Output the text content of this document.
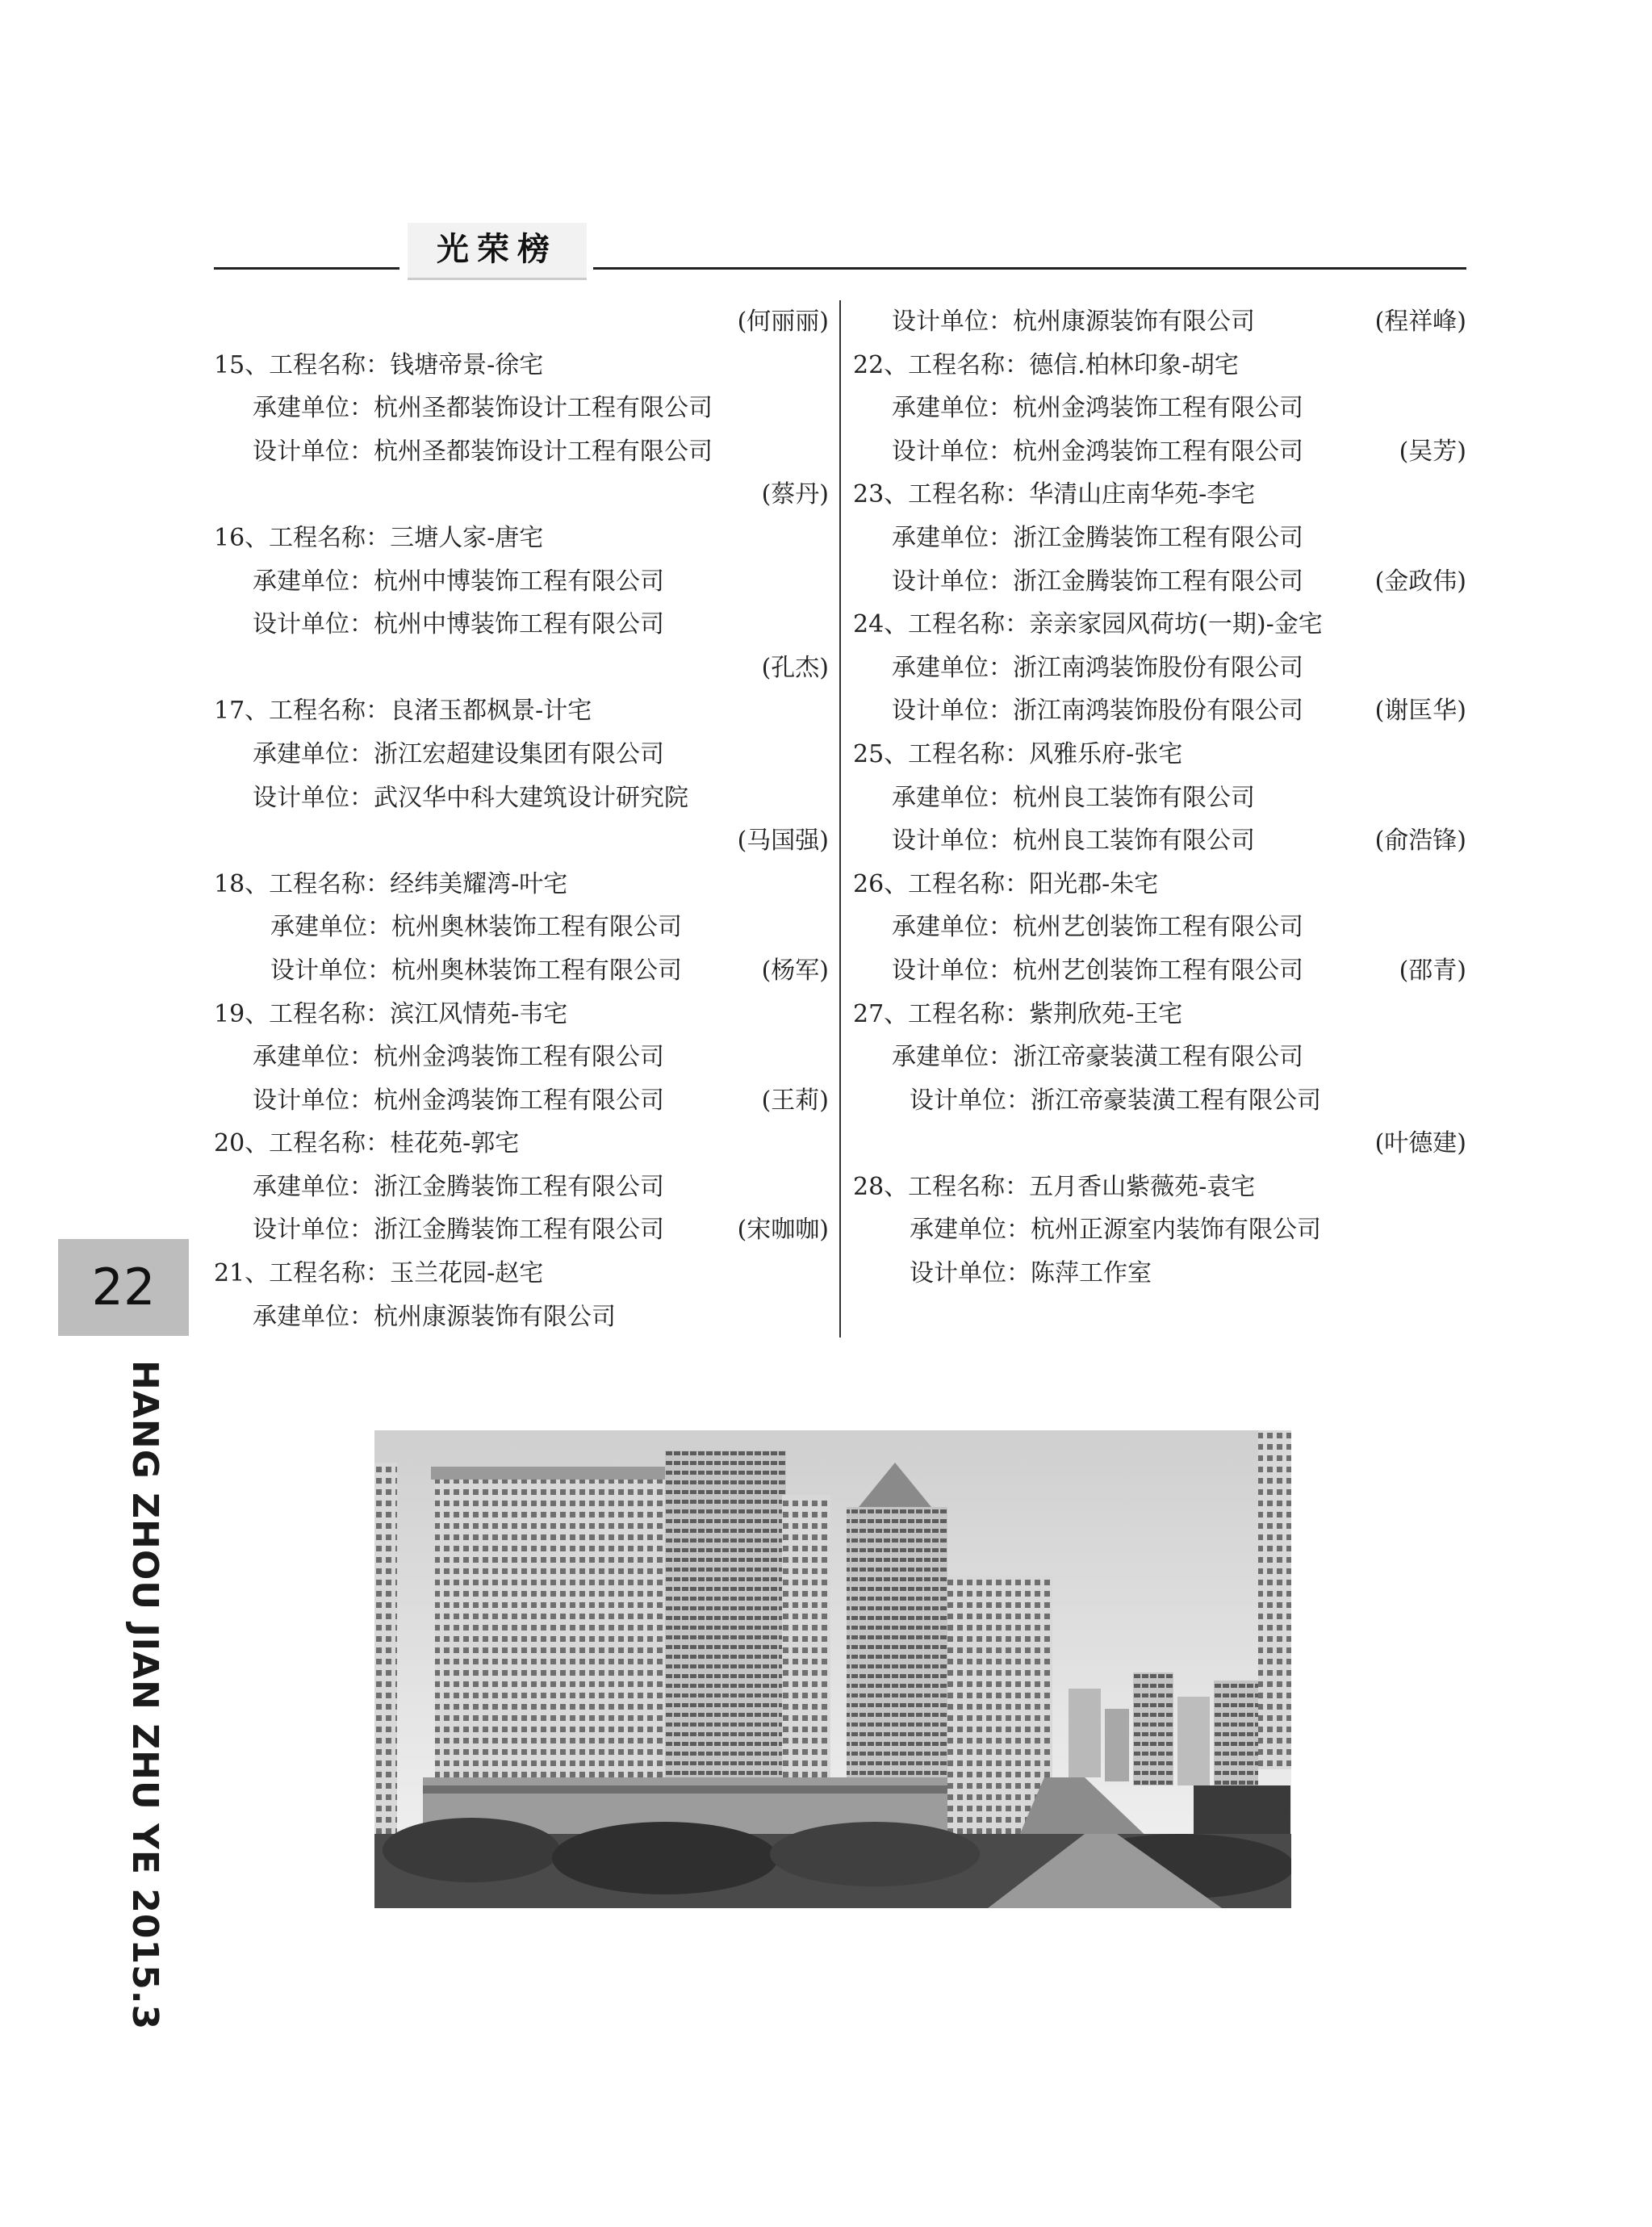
光荣榜
(何丽丽)
15、工程名称：钱塘帝景-徐宅
承建单位：杭州圣都装饰设计工程有限公司
设计单位：杭州圣都装饰设计工程有限公司
(蔡丹)
16、工程名称：三塘人家-唐宅
承建单位：杭州中博装饰工程有限公司
设计单位：杭州中博装饰工程有限公司
(孔杰)
17、工程名称：良渚玉都枫景-计宅
承建单位：浙江宏超建设集团有限公司
设计单位：武汉华中科大建筑设计研究院
(马国强)
18、工程名称：经纬美耀湾-叶宅
承建单位：杭州奥林装饰工程有限公司
设计单位：杭州奥林装饰工程有限公司	(杨军)
19、工程名称：滨江风情苑-韦宅
承建单位：杭州金鸿装饰工程有限公司
设计单位：杭州金鸿装饰工程有限公司	(王莉)
20、工程名称：桂花苑-郭宅
承建单位：浙江金腾装饰工程有限公司
设计单位：浙江金腾装饰工程有限公司	(宋咖咖)
21、工程名称：玉兰花园-赵宅
承建单位：杭州康源装饰有限公司
设计单位：杭州康源装饰有限公司	(程祥峰)
22、工程名称：德信.柏林印象-胡宅
承建单位：杭州金鸿装饰工程有限公司
设计单位：杭州金鸿装饰工程有限公司	(吴芳)
23、工程名称：华清山庄南华苑-李宅
承建单位：浙江金腾装饰工程有限公司
设计单位：浙江金腾装饰工程有限公司	(金政伟)
24、工程名称：亲亲家园风荷坊(一期)-金宅
承建单位：浙江南鸿装饰股份有限公司
设计单位：浙江南鸿装饰股份有限公司	(谢匡华)
25、工程名称：风雅乐府-张宅
承建单位：杭州良工装饰有限公司
设计单位：杭州良工装饰有限公司	(俞浩锋)
26、工程名称：阳光郡-朱宅
承建单位：杭州艺创装饰工程有限公司
设计单位：杭州艺创装饰工程有限公司	(邵青)
27、工程名称：紫荆欣苑-王宅
承建单位：浙江帝豪装潢工程有限公司
设计单位：浙江帝豪装潢工程有限公司
(叶德建)
28、工程名称：五月香山紫薇苑-袁宅
承建单位：杭州正源室内装饰有限公司
设计单位：陈萍工作室
22
HANG ZHOU JIAN ZHU YE 2015.3
